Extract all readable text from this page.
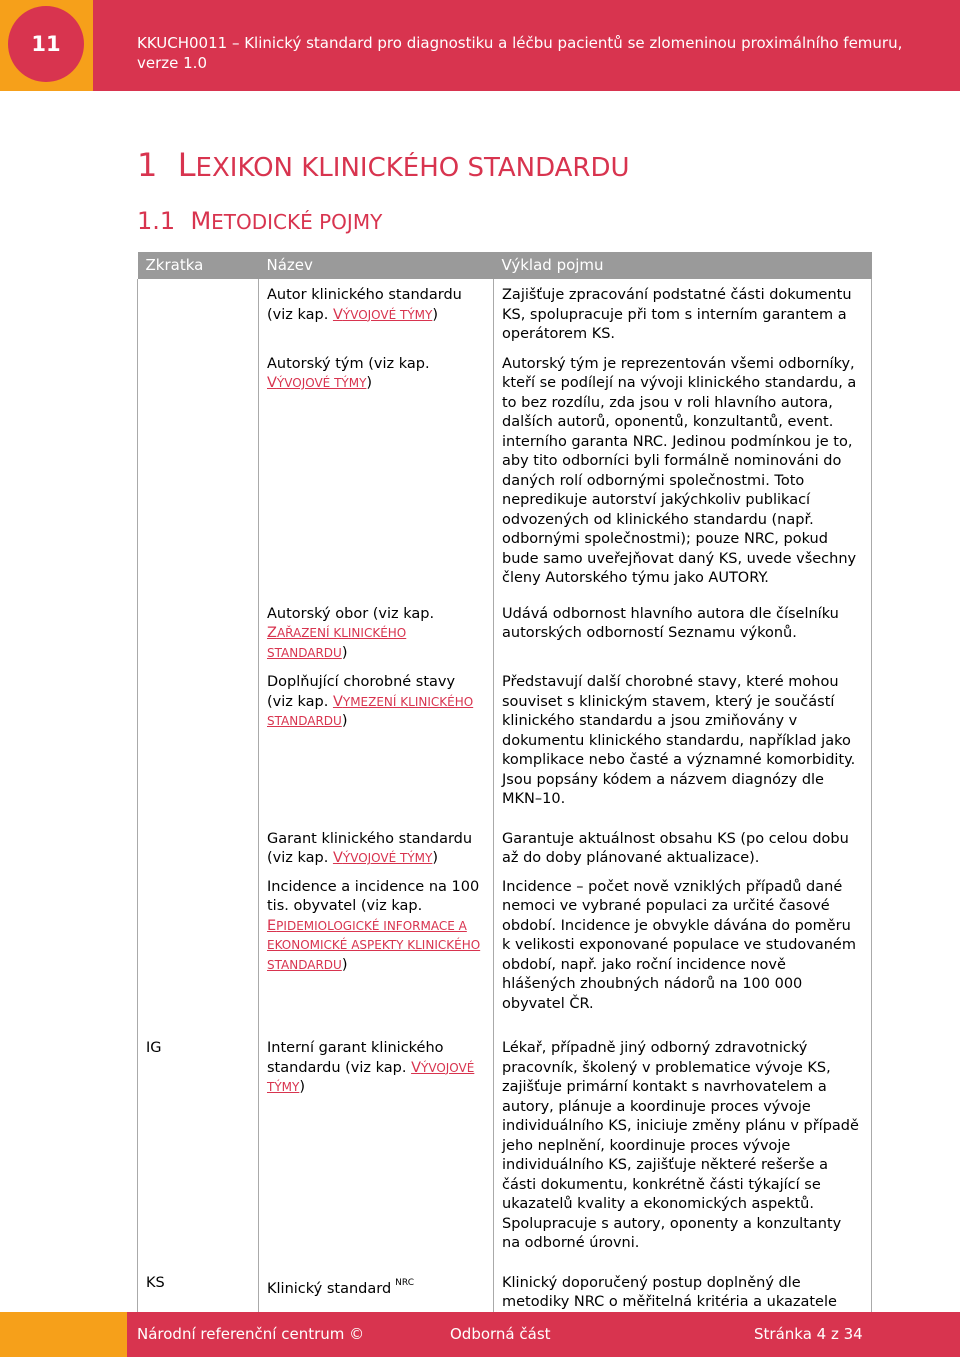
11	KKUCH0011 – Klinický standard pro diagnostiku a léčbu pacientů se zlomeninou proximálního femuru, verze 1.0
1 LEXIKON KLINICKÉHO STANDARDU
1.1 METODICKÉ POJMY
Zkratka	Název	Výklad pojmu
	Autor klinického standardu (viz kap. VÝVOJOVÉ TÝMY)	Zajišťuje zpracování podstatné části dokumentu KS, spolupracuje při tom s interním garantem a operátorem KS.
	Autorský tým (viz kap. VÝVOJOVÉ TÝMY)	Autorský tým je reprezentován všemi odborníky, kteří se podílejí na vývoji klinického standardu, a to bez rozdílu, zda jsou v roli hlavního autora, dalších autorů, oponentů, konzultantů, event. interního garanta NRC. Jedinou podmínkou je to, aby tito odborníci byli formálně nominováni do daných rolí odbornými společnostmi. Toto nepredikuje autorství jakýchkoliv publikací odvozených od klinického standardu (např. odbornými společnostmi); pouze NRC, pokud bude samo uveřejňovat daný KS, uvede všechny členy Autorského týmu jako AUTORY.
	Autorský obor (viz kap. ZAŘAZENÍ KLINICKÉHO STANDARDU)	Udává odbornost hlavního autora dle číselníku autorských odborností Seznamu výkonů.
	Doplňující chorobné stavy (viz kap. VYMEZENÍ KLINICKÉHO STANDARDU)	Představují další chorobné stavy, které mohou souviset s klinickým stavem, který je součástí klinického standardu a jsou zmiňovány v dokumentu klinického standardu, například jako komplikace nebo časté a významné komorbidity. Jsou popsány kódem a názvem diagnózy dle MKN–10.
	Garant klinického standardu (viz kap. VÝVOJOVÉ TÝMY)	Garantuje aktuálnost obsahu KS (po celou dobu až do doby plánované aktualizace).
	Incidence a incidence na 100 tis. obyvatel (viz kap. EPIDEMIOLOGICKÉ INFORMACE A EKONOMICKÉ ASPEKTY KLINICKÉHO STANDARDU)	Incidence – počet nově vzniklých případů dané nemoci ve vybrané populaci za určité časové období. Incidence je obvykle dávána do poměru k velikosti exponované populace ve studovaném období, např. jako roční incidence nově hlášených zhoubných nádorů na 100 000 obyvatel ČR.
IG	Interní garant klinického standardu (viz kap. VÝVOJOVÉ TÝMY)	Lékař, případně jiný odborný zdravotnický pracovník, školený v problematice vývoje KS, zajišťuje primární kontakt s navrhovatelem a autory, plánuje a koordinuje proces vývoje individuálního KS, iniciuje změny plánu v případě jeho neplnění, koordinuje proces vývoje individuálního KS, zajišťuje některé rešerše a části dokumentu, konkrétně části týkající se ukazatelů kvality a ekonomických aspektů. Spolupracuje s autory, oponenty a konzultanty na odborné úrovni.
KS	Klinický standard $^{NRC}$	Klinický doporučený postup doplněný dle metodiky NRC o měřitelná kritéria a ukazatele
Národní referenční centrum ©	Odborná část	Stránka 4 z 34
